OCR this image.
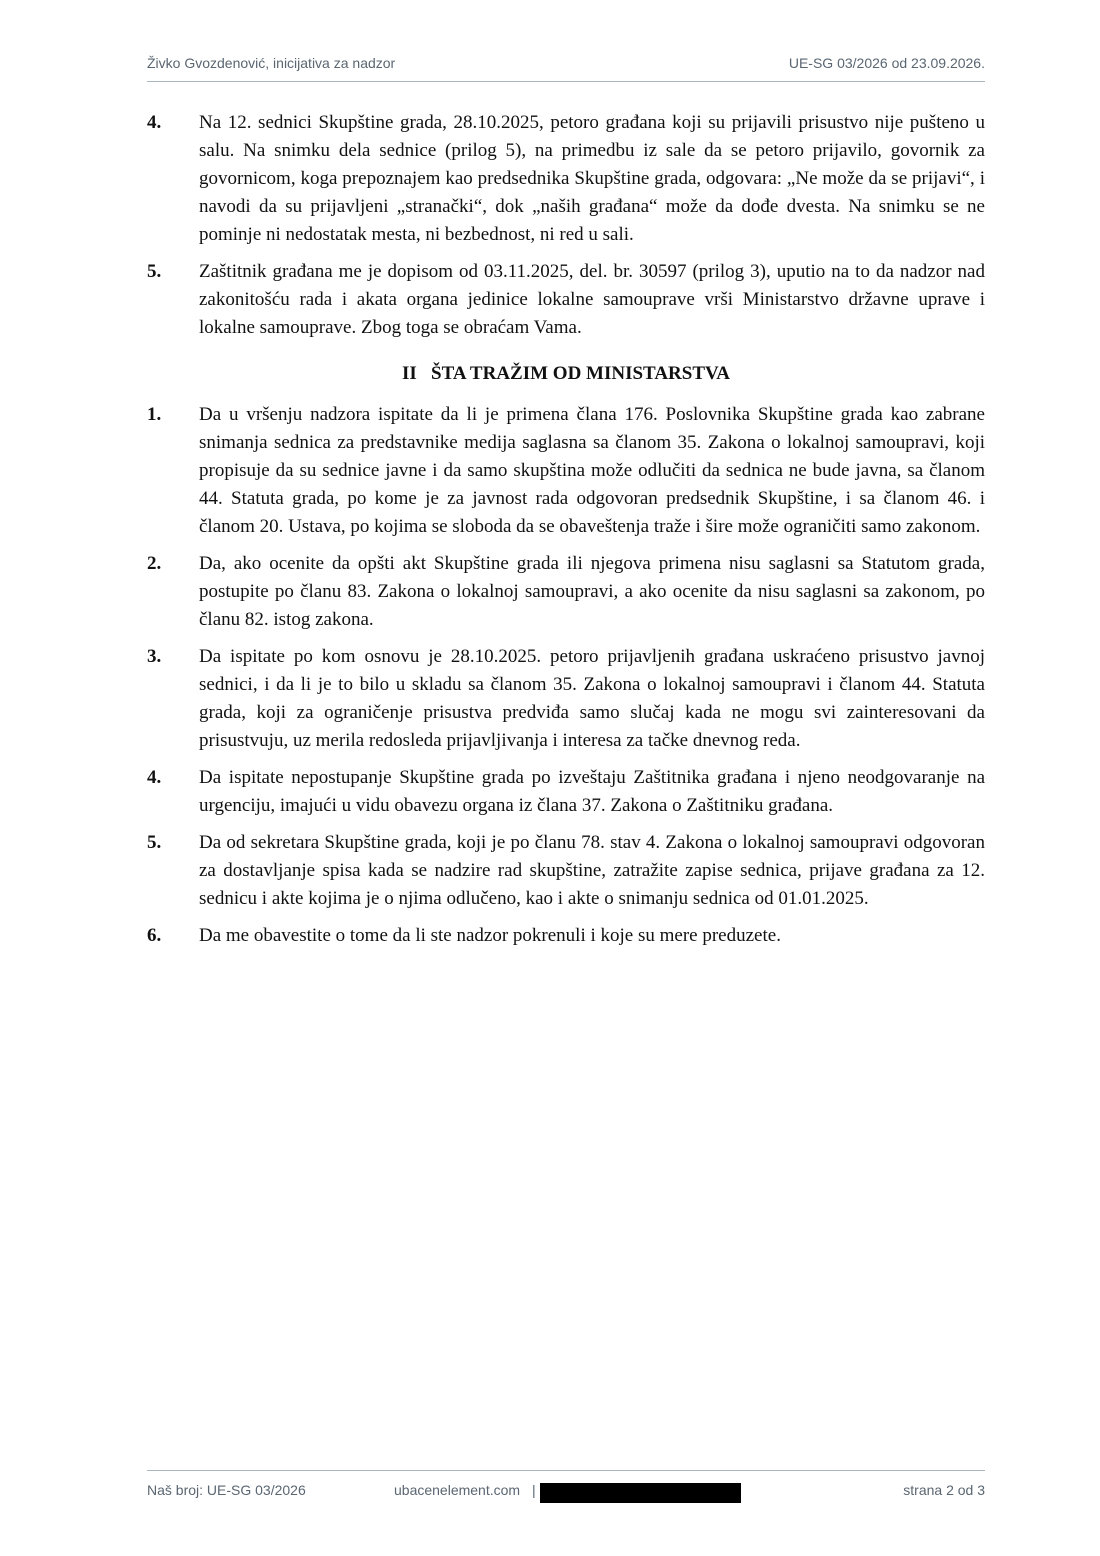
Živko Gvozdenović, inicijativa za nadzor	UE-SG 03/2026 od 23.09.2026.
4.	Na 12. sednici Skupštine grada, 28.10.2025, petoro građana koji su prijavili prisustvo nije pušteno u salu. Na snimku dela sednice (prilog 5), na primedbu iz sale da se petoro prijavilo, govornik za govornicom, koga prepoznajem kao predsednika Skupštine grada, odgovara: „Ne može da se prijavi“, i navodi da su prijavljeni „stranački“, dok „naših građana“ može da dođe dvesta. Na snimku se ne pominje ni nedostatak mesta, ni bezbednost, ni red u sali.
5.	Zaštitnik građana me je dopisom od 03.11.2025, del. br. 30597 (prilog 3), uputio na to da nadzor nad zakonitošću rada i akata organa jedinice lokalne samouprave vrši Ministarstvo državne uprave i lokalne samouprave. Zbog toga se obraćam Vama.
II   ŠTA TRAŽIM OD MINISTARSTVA
1.	Da u vršenju nadzora ispitate da li je primena člana 176. Poslovnika Skupštine grada kao zabrane snimanja sednica za predstavnike medija saglasna sa članom 35. Zakona o lokalnoj samoupravi, koji propisuje da su sednice javne i da samo skupština može odlučiti da sednica ne bude javna, sa članom 44. Statuta grada, po kome je za javnost rada odgovoran predsednik Skupštine, i sa članom 46. i članom 20. Ustava, po kojima se sloboda da se obaveštenja traže i šire može ograničiti samo zakonom.
2.	Da, ako ocenite da opšti akt Skupštine grada ili njegova primena nisu saglasni sa Statutom grada, postupite po članu 83. Zakona o lokalnoj samoupravi, a ako ocenite da nisu saglasni sa zakonom, po članu 82. istog zakona.
3.	Da ispitate po kom osnovu je 28.10.2025. petoro prijavljenih građana uskraćeno prisustvo javnoj sednici, i da li je to bilo u skladu sa članom 35. Zakona o lokalnoj samoupravi i članom 44. Statuta grada, koji za ograničenje prisustva predviđa samo slučaj kada ne mogu svi zainteresovani da prisustvuju, uz merila redosleda prijavljivanja i interesa za tačke dnevnog reda.
4.	Da ispitate nepostupanje Skupštine grada po izveštaju Zaštitnika građana i njeno neodgovaranje na urgenciju, imajući u vidu obavezu organa iz člana 37. Zakona o Zaštitniku građana.
5.	Da od sekretara Skupštine grada, koji je po članu 78. stav 4. Zakona o lokalnoj samoupravi odgovoran za dostavljanje spisa kada se nadzire rad skupštine, zatražite zapise sednica, prijave građana za 12. sednicu i akte kojima je o njima odlučeno, kao i akte o snimanju sednica od 01.01.2025.
6.	Da me obavestite o tome da li ste nadzor pokrenuli i koje su mere preduzete.
Naš broj: UE-SG 03/2026	ubacenelement.com |	strana 2 od 3
